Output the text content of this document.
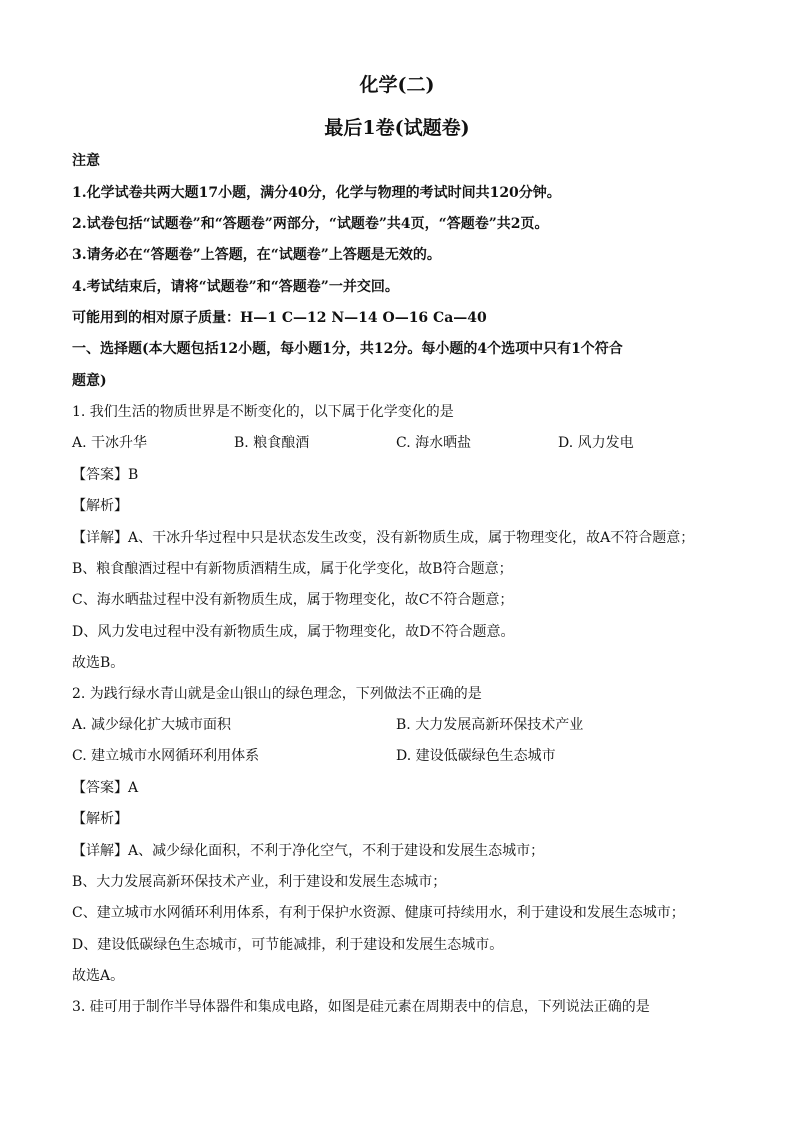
化学(二)
最后1卷(试题卷)
注意
1.化学试卷共两大题17小题，满分40分，化学与物理的考试时间共120分钟。
2.试卷包括“试题卷”和“答题卷”两部分，“试题卷”共4页，“答题卷”共2页。
3.请务必在“答题卷”上答题，在“试题卷”上答题是无效的。
4.考试结束后，请将“试题卷”和“答题卷”一并交回。
可能用到的相对原子质量：H—1 C—12 N—14 O—16 Ca—40
一、选择题(本大题包括12小题，每小题1分，共12分。每小题的4个选项中只有1个符合
题意)
1. 我们生活的物质世界是不断变化的，以下属于化学变化的是
A. 干冰升华	B. 粮食酿酒	C. 海水晒盐	D. 风力发电
【答案】B
【解析】
【详解】A、干冰升华过程中只是状态发生改变，没有新物质生成，属于物理变化，故A不符合题意；
B、粮食酿酒过程中有新物质酒精生成，属于化学变化，故B符合题意；
C、海水晒盐过程中没有新物质生成，属于物理变化，故C不符合题意；
D、风力发电过程中没有新物质生成，属于物理变化，故D不符合题意。
故选B。
2. 为践行绿水青山就是金山银山的绿色理念，下列做法不正确的是
A. 减少绿化扩大城市面积	B. 大力发展高新环保技术产业
C. 建立城市水网循环利用体系	D. 建设低碳绿色生态城市
【答案】A
【解析】
【详解】A、减少绿化面积，不利于净化空气，不利于建设和发展生态城市；
B、大力发展高新环保技术产业，利于建设和发展生态城市；
C、建立城市水网循环利用体系，有利于保护水资源、健康可持续用水，利于建设和发展生态城市；
D、建设低碳绿色生态城市，可节能减排，利于建设和发展生态城市。
故选A。
3. 硅可用于制作半导体器件和集成电路，如图是硅元素在周期表中的信息，下列说法正确的是
